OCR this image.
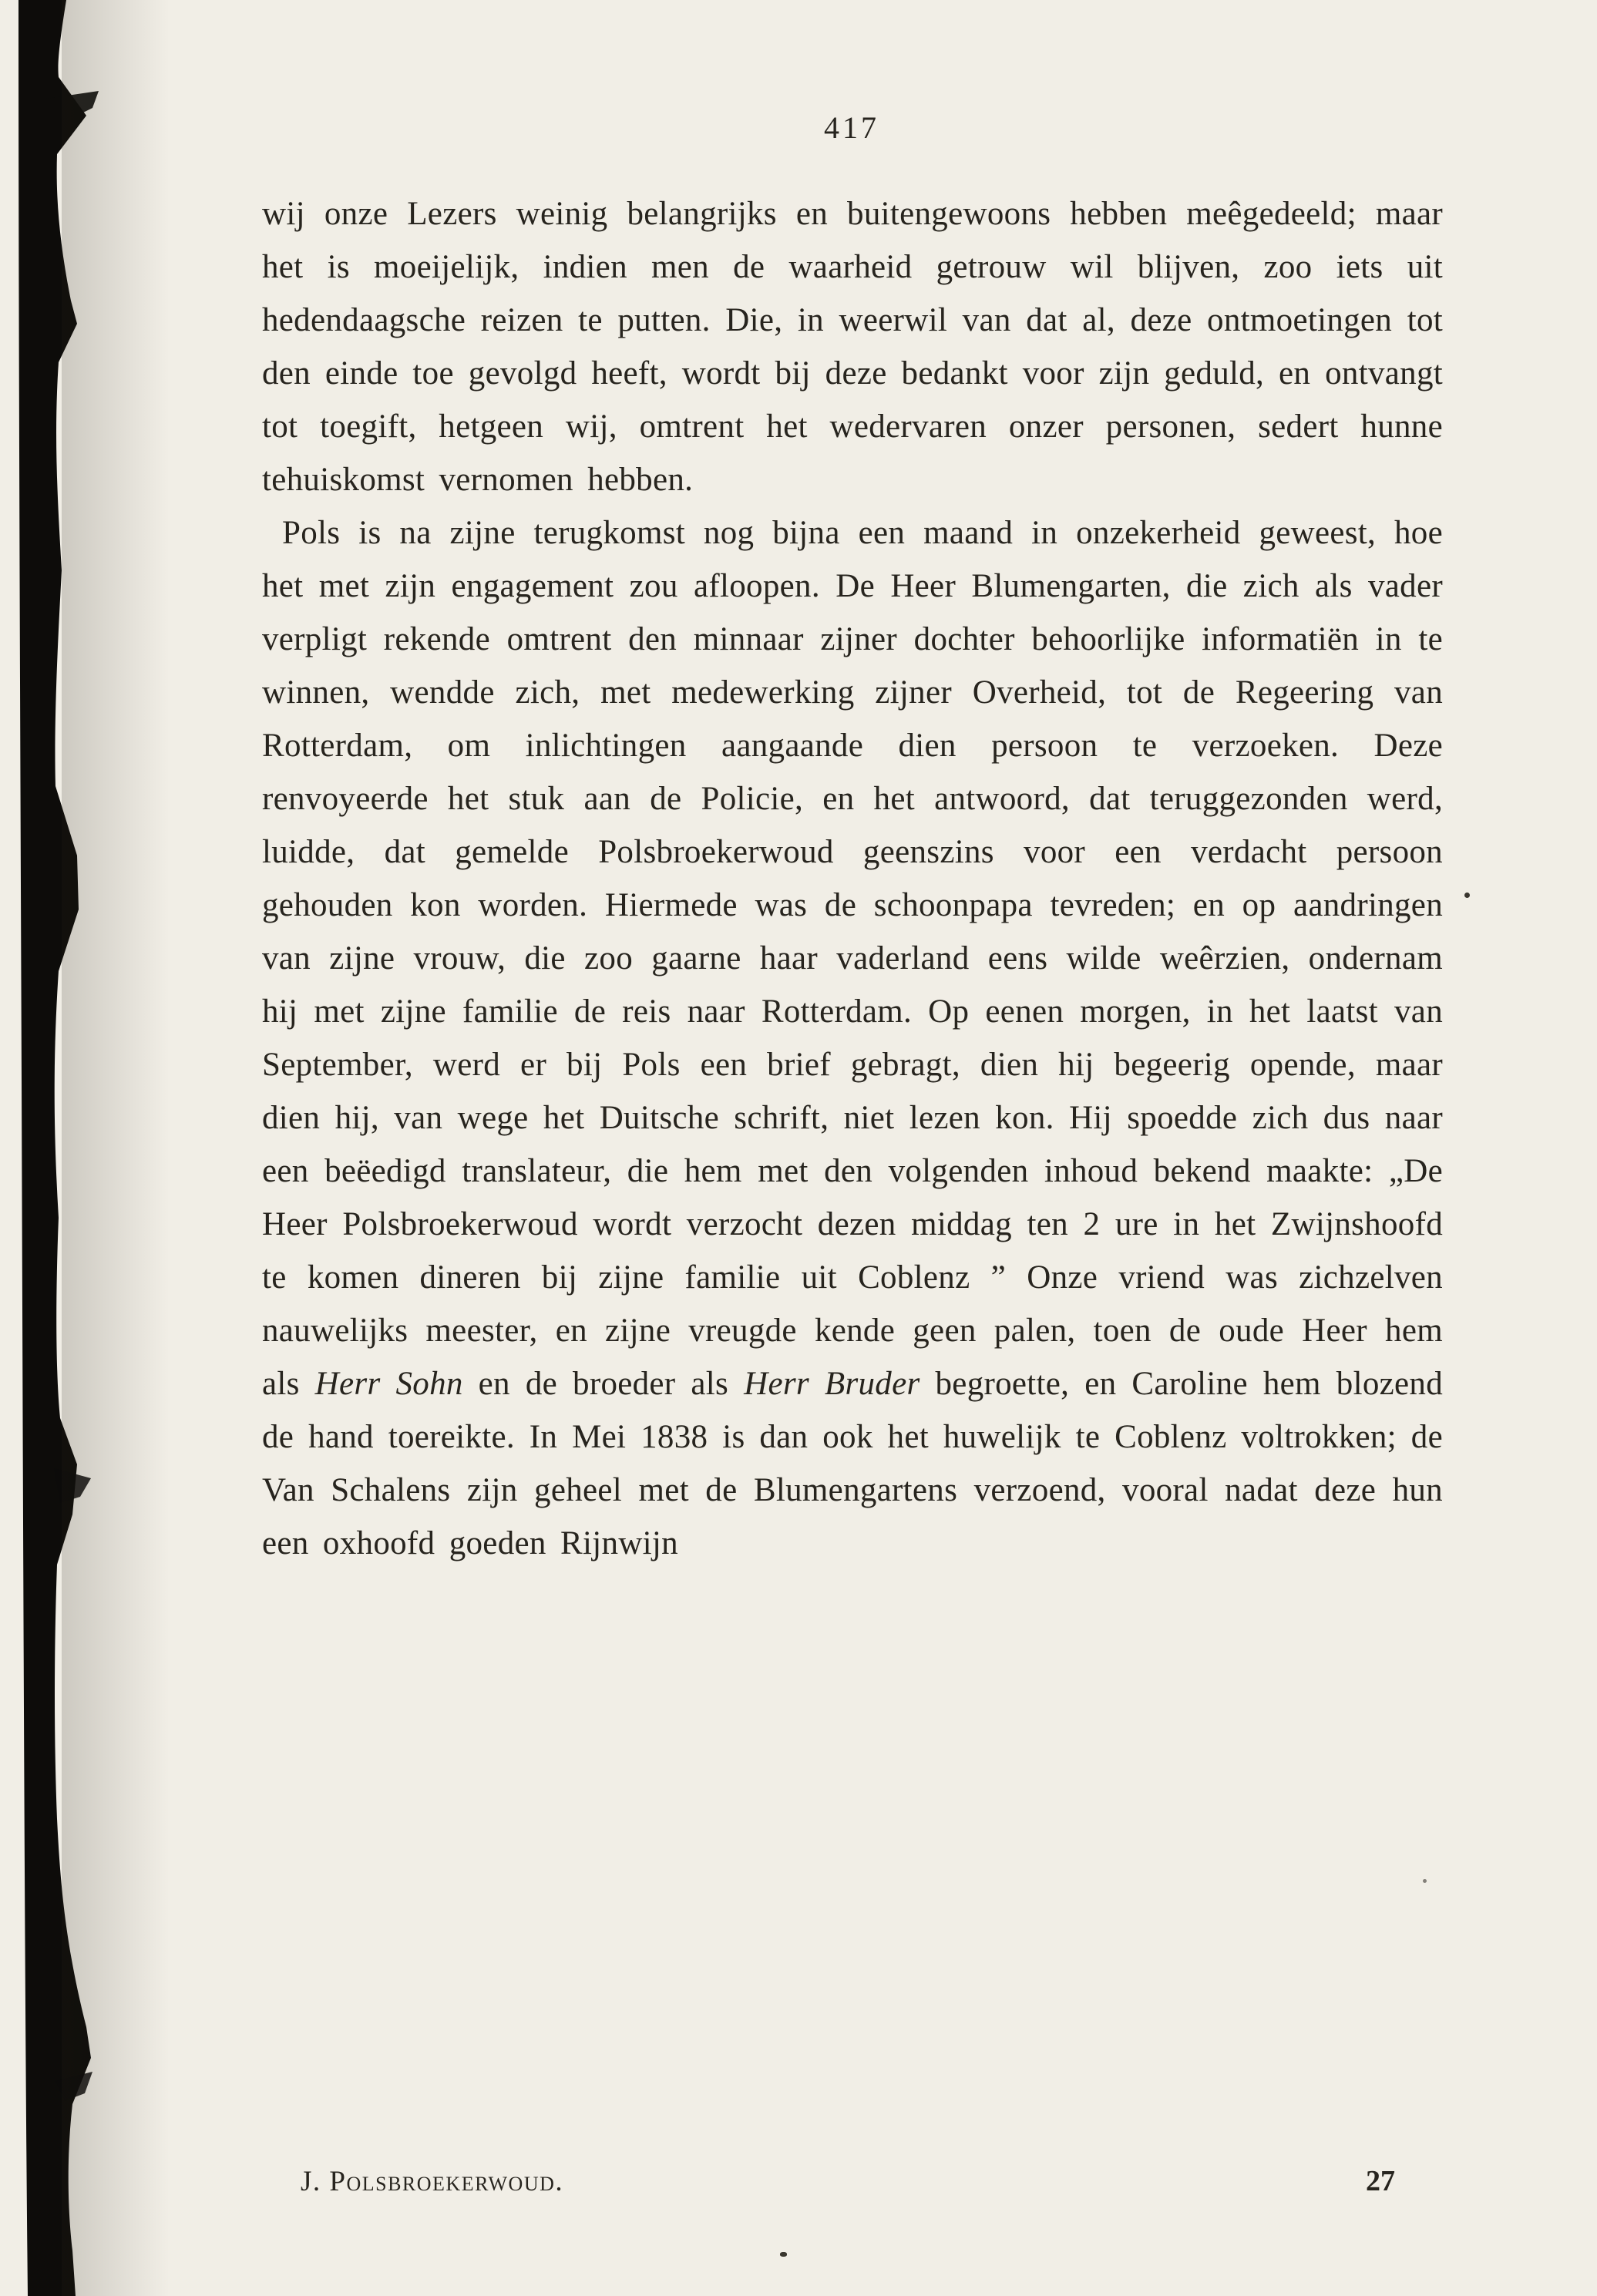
417

wij onze Lezers weinig belangrijks en buitengewoons hebben meêgedeeld; maar het is moeijelijk, indien men de waarheid getrouw wil blijven, zoo iets uit hedendaagsche reizen te putten. Die, in weerwil van dat al, deze ontmoetingen tot den einde toe gevolgd heeft, wordt bij deze bedankt voor zijn geduld, en ontvangt tot toegift, hetgeen wij, omtrent het wedervaren onzer personen, sedert hunne tehuiskomst vernomen hebben.

Pols is na zijne terugkomst nog bijna een maand in onzekerheid geweest, hoe het met zijn engagement zou afloopen. De Heer Blumengarten, die zich als vader verpligt rekende omtrent den minnaar zijner dochter behoorlijke informatiën in te winnen, wendde zich, met medewerking zijner Overheid, tot de Regeering van Rotterdam, om inlichtingen aangaande dien persoon te verzoeken. Deze renvoyeerde het stuk aan de Policie, en het antwoord, dat teruggezonden werd, luidde, dat gemelde Polsbroekerwoud geenszins voor een verdacht persoon gehouden kon worden. Hiermede was de schoonpapa tevreden; en op aandringen van zijne vrouw, die zoo gaarne haar vaderland eens wilde weêrzien, ondernam hij met zijne familie de reis naar Rotterdam. Op eenen morgen, in het laatst van September, werd er bij Pols een brief gebragt, dien hij begeerig opende, maar dien hij, van wege het Duitsche schrift, niet lezen kon. Hij spoedde zich dus naar een beëedigd translateur, die hem met den volgenden inhoud bekend maakte: „De Heer Polsbroekerwoud wordt verzocht dezen middag ten 2 ure in het Zwijnshoofd te komen dineren bij zijne familie uit Coblenz ” Onze vriend was zichzelven nauwelijks meester, en zijne vreugde kende geen palen, toen de oude Heer hem als Herr Sohn en de broeder als Herr Bruder begroette, en Caroline hem blozend de hand toereikte. In Mei 1838 is dan ook het huwelijk te Coblenz voltrokken; de Van Schalens zijn geheel met de Blumengartens verzoend, vooral nadat deze hun een oxhoofd goeden Rijnwijn

J. Polsbroekerwoud.	27
